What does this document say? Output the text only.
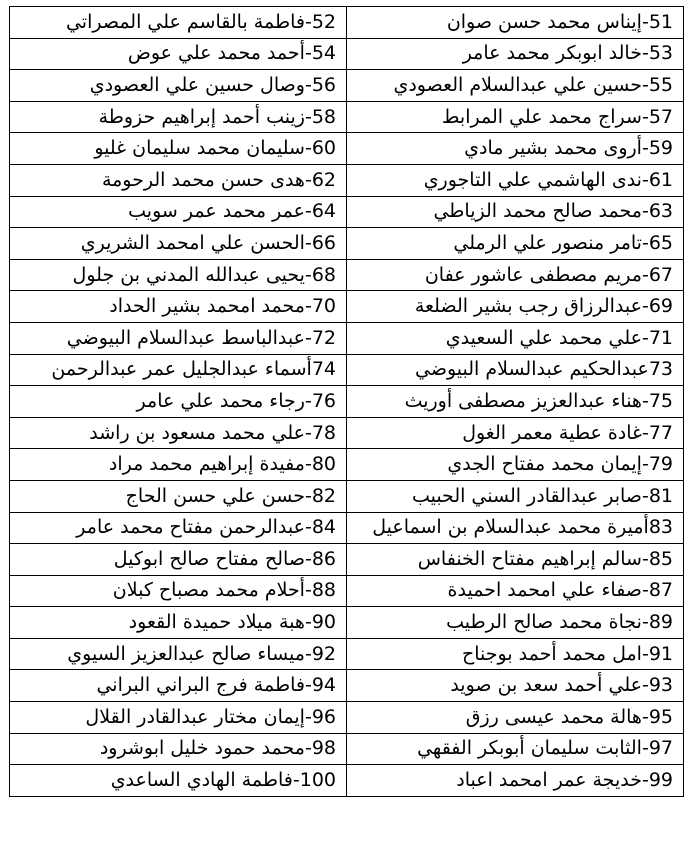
51-إيناس محمد حسن صوان	52-فاطمة بالقاسم علي المصراتي
53-خالد ابوبكر محمد عامر	54-أحمد محمد علي عوض
55-حسين علي عبدالسلام العصودي	56-وصال حسين علي العصودي
57-سراج محمد علي المرابط	58-زينب أحمد إبراهيم حزوطة
59-أروى محمد بشير مادي	60-سليمان محمد سليمان غليو
61-ندى الهاشمي علي التاجوري	62-هدى حسن محمد الرحومة
63-محمد صالح محمد الزياطي	64-عمر محمد عمر سويب
65-تامر منصور علي الرملي	66-الحسن علي امحمد الشريري
67-مريم مصطفى عاشور عفان	68-يحيى عبدالله المدني بن جلول
69-عبدالرزاق رجب بشير الضلعة	70-محمد امحمد بشير الحداد
71-علي محمد علي السعيدي	72-عبدالباسط عبدالسلام البيوضي
73عبدالحكيم عبدالسلام البيوضي	74أسماء عبدالجليل عمر عبدالرحمن
75-هناء عبدالعزيز مصطفى أوريث	76-رجاء محمد علي عامر
77-غادة عطية معمر الغول	78-علي محمد مسعود بن راشد
79-إيمان محمد مفتاح الجدي	80-مفيدة إبراهيم محمد مراد
81-صابر عبدالقادر السني الحبيب	82-حسن علي حسن الحاج
83أميرة محمد عبدالسلام بن اسماعيل	84-عبدالرحمن مفتاح محمد عامر
85-سالم إبراهيم مفتاح الخنفاس	86-صالح مفتاح صالح ابوكيل
87-صفاء علي امحمد احميدة	88-أحلام محمد مصباح كبلان
89-نجاة محمد صالح الرطيب	90-هبة ميلاد حميدة القعود
91-امل محمد أحمد بوجناح	92-ميساء صالح عبدالعزيز السيوي
93-علي أحمد سعد بن صويد	94-فاطمة فرج البراني البراني
95-هالة محمد عيسى رزق	96-إيمان مختار عبدالقادر القلال
97-الثابت سليمان أبوبكر الفقهي	98-محمد حمود خليل ابوشرود
99-خديجة عمر امحمد اعباد	100-فاطمة الهادي الساعدي
